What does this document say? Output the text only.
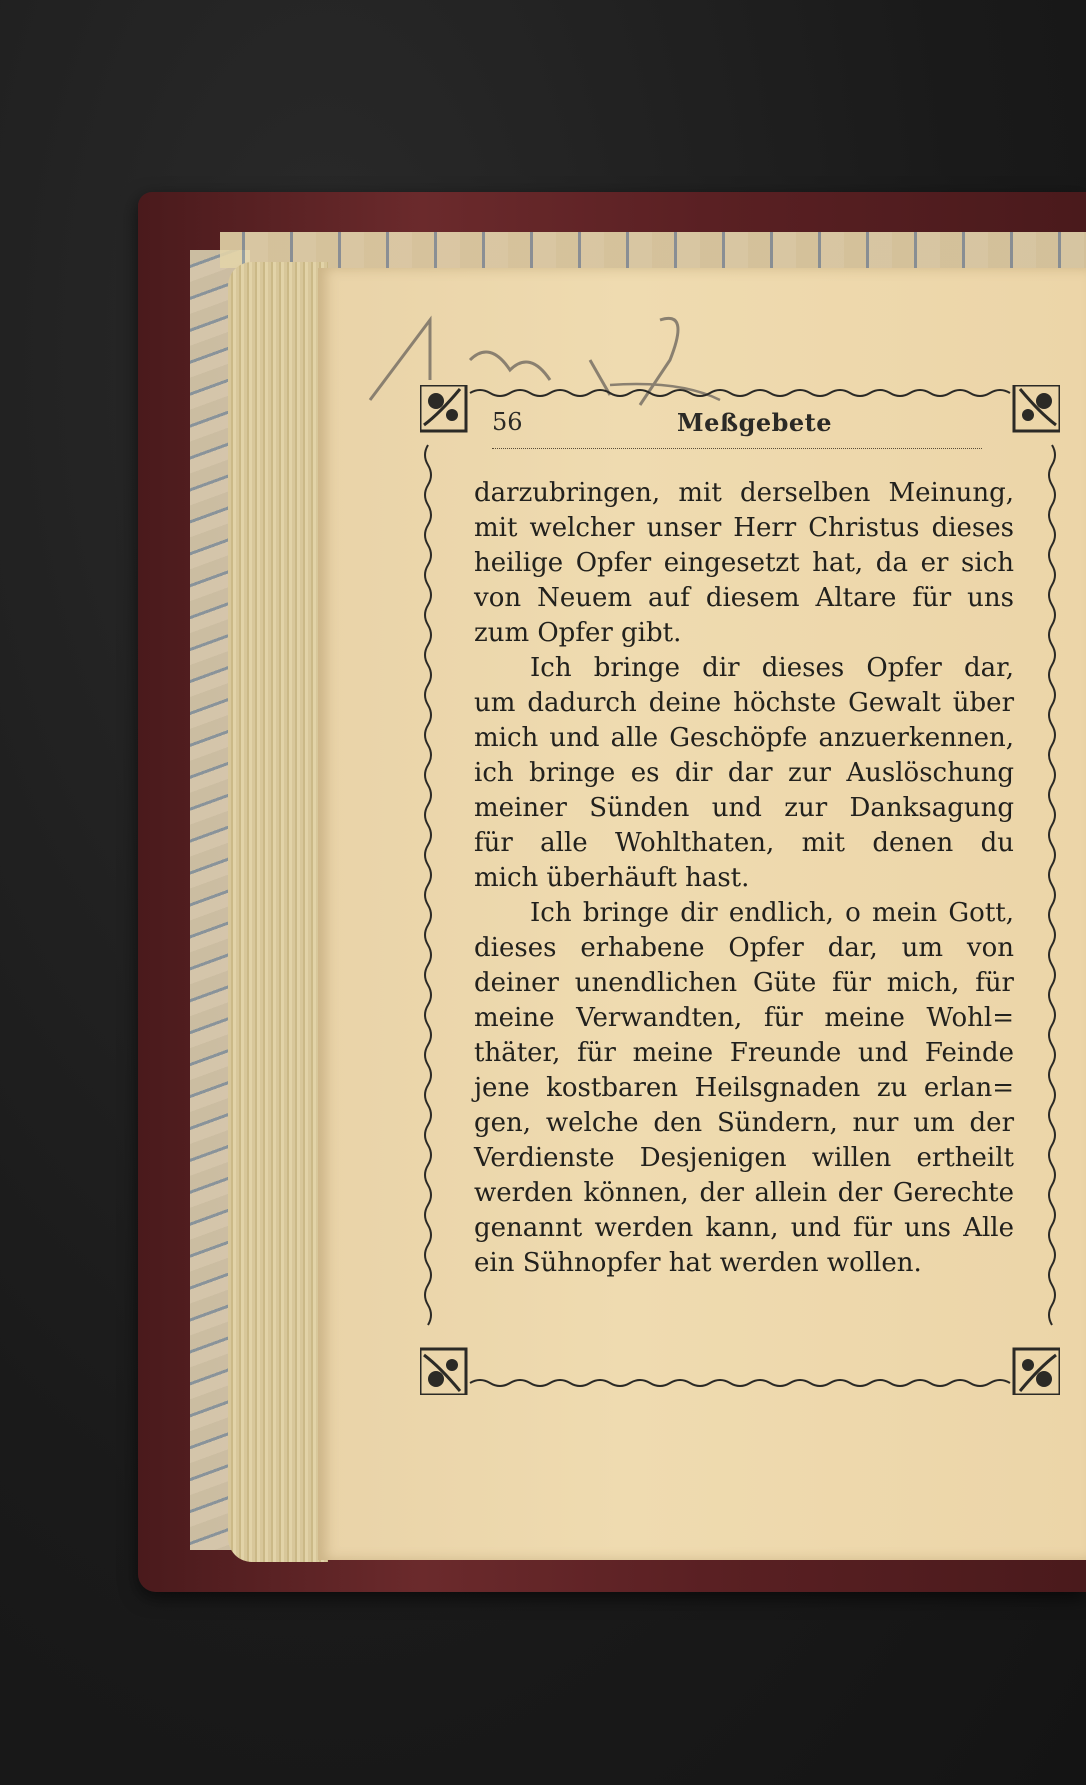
56	Meßgebete
darzubringen, mit derselben Meinung,
mit welcher unser Herr Christus dieses
heilige Opfer eingesetzt hat, da er sich
von Neuem auf diesem Altare für uns
zum Opfer gibt.
Ich bringe dir dieses Opfer dar,
um dadurch deine höchste Gewalt über
mich und alle Geschöpfe anzuerkennen,
ich bringe es dir dar zur Auslöschung
meiner Sünden und zur Danksagung
für alle Wohlthaten, mit denen du
mich überhäuft hast.
Ich bringe dir endlich, o mein Gott,
dieses erhabene Opfer dar, um von
deiner unendlichen Güte für mich, für
meine Verwandten, für meine Wohl=
thäter, für meine Freunde und Feinde
jene kostbaren Heilsgnaden zu erlan=
gen, welche den Sündern, nur um der
Verdienste Desjenigen willen ertheilt
werden können, der allein der Gerechte
genannt werden kann, und für uns Alle
ein Sühnopfer hat werden wollen.
